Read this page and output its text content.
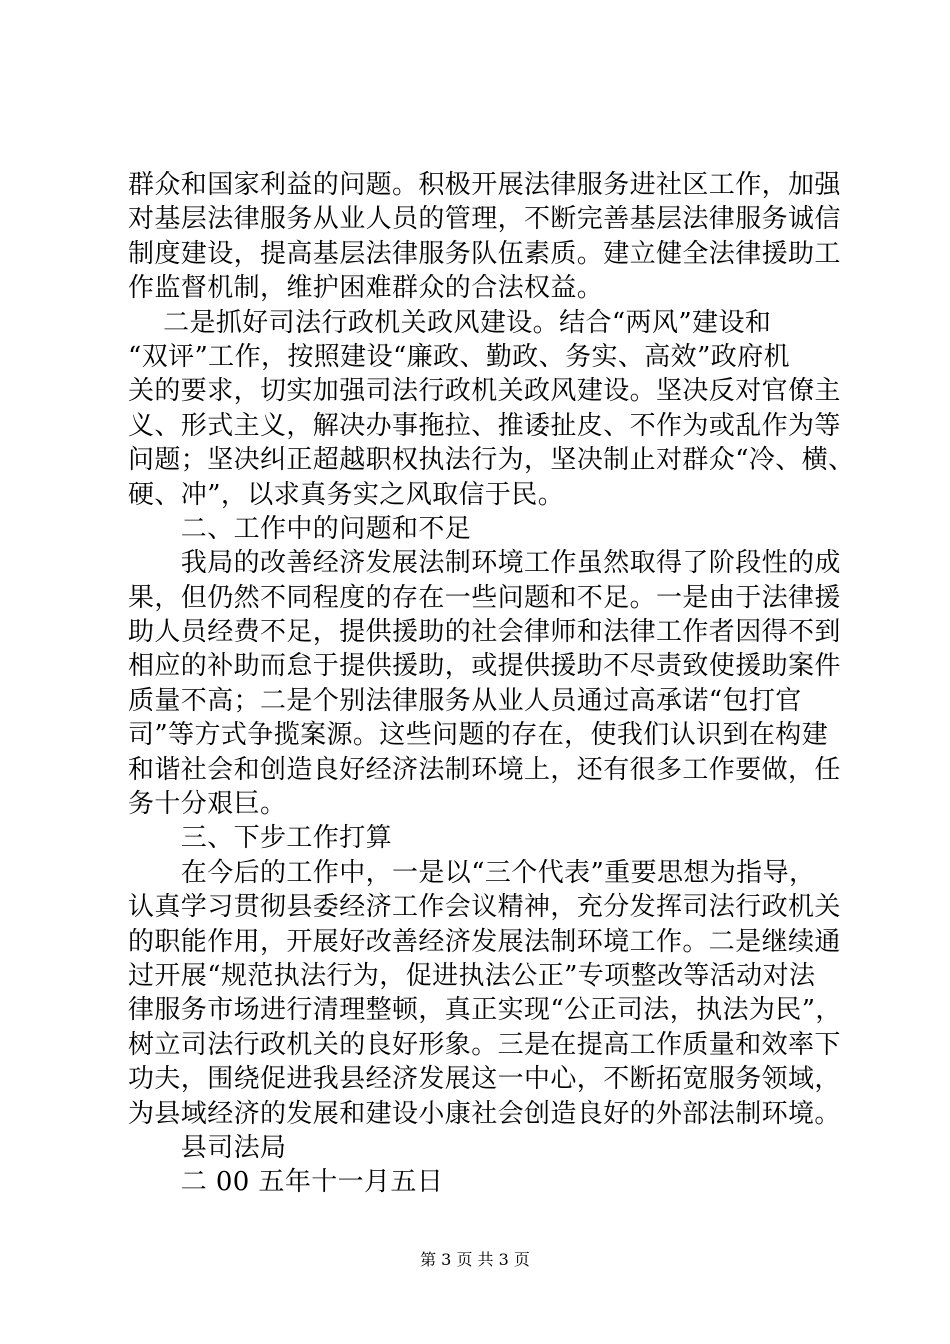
群众和国家利益的问题。积极开展法律服务进社区工作，加强
对基层法律服务从业人员的管理，不断完善基层法律服务诚信
制度建设，提高基层法律服务队伍素质。建立健全法律援助工
作监督机制，维护困难群众的合法权益。
　 二是抓好司法行政机关政风建设。结合“两风”建设和
“双评”工作，按照建设“廉政、勤政、务实、高效”政府机
关的要求，切实加强司法行政机关政风建设。坚决反对官僚主
义、形式主义，解决办事拖拉、推诿扯皮、不作为或乱作为等
问题；坚决纠正超越职权执法行为，坚决制止对群众“冷、横、
硬、冲”，以求真务实之风取信于民。
　　二、工作中的问题和不足
　　我局的改善经济发展法制环境工作虽然取得了阶段性的成
果，但仍然不同程度的存在一些问题和不足。一是由于法律援
助人员经费不足，提供援助的社会律师和法律工作者因得不到
相应的补助而怠于提供援助，或提供援助不尽责致使援助案件
质量不高；二是个别法律服务从业人员通过高承诺“包打官
司”等方式争揽案源。这些问题的存在，使我们认识到在构建
和谐社会和创造良好经济法制环境上，还有很多工作要做，任
务十分艰巨。
　　三、下步工作打算
　　在今后的工作中，一是以“三个代表”重要思想为指导，
认真学习贯彻县委经济工作会议精神，充分发挥司法行政机关
的职能作用，开展好改善经济发展法制环境工作。二是继续通
过开展“规范执法行为，促进执法公正”专项整改等活动对法
律服务市场进行清理整顿，真正实现“公正司法，执法为民”，
树立司法行政机关的良好形象。三是在提高工作质量和效率下
功夫，围绕促进我县经济发展这一中心，不断拓宽服务领域，
为县域经济的发展和建设小康社会创造良好的外部法制环境。
　　县司法局
　　二 00 五年十一月五日
第 3 页 共 3 页
